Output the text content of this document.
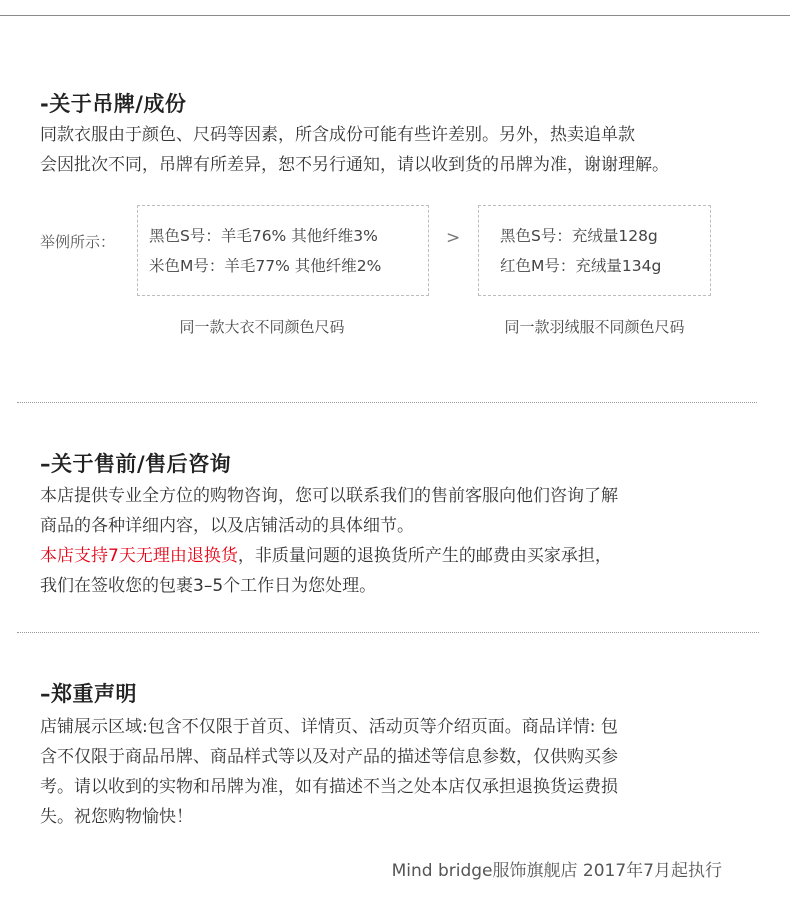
-关于吊牌/成份
同款衣服由于颜色、尺码等因素，所含成份可能有些许差别。另外，热卖追单款
会因批次不同，吊牌有所差异，恕不另行通知，请以收到货的吊牌为准，谢谢理解。
举例所示： 黑色S号：羊毛76% 其他纤维3%
米色M号：羊毛77% 其他纤维2%
>	黑色S号：充绒量128g
红色M号：充绒量134g
同一款大衣不同颜色尺码	同一款羽绒服不同颜色尺码
–关于售前/售后咨询
本店提供专业全方位的购物咨询，您可以联系我们的售前客服向他们咨询了解
商品的各种详细内容，以及店铺活动的具体细节。
本店支持7天无理由退换货，非质量问题的退换货所产生的邮费由买家承担，
我们在签收您的包裹3–5个工作日为您处理。
–郑重声明
店铺展示区域:包含不仅限于首页、详情页、活动页等介绍页面。商品详情: 包
含不仅限于商品吊牌、商品样式等以及对产品的描述等信息参数，仅供购买参
考。请以收到的实物和吊牌为准，如有描述不当之处本店仅承担退换货运费损
失。祝您购物愉快！
Mind bridge服饰旗舰店 2017年7月起执行
